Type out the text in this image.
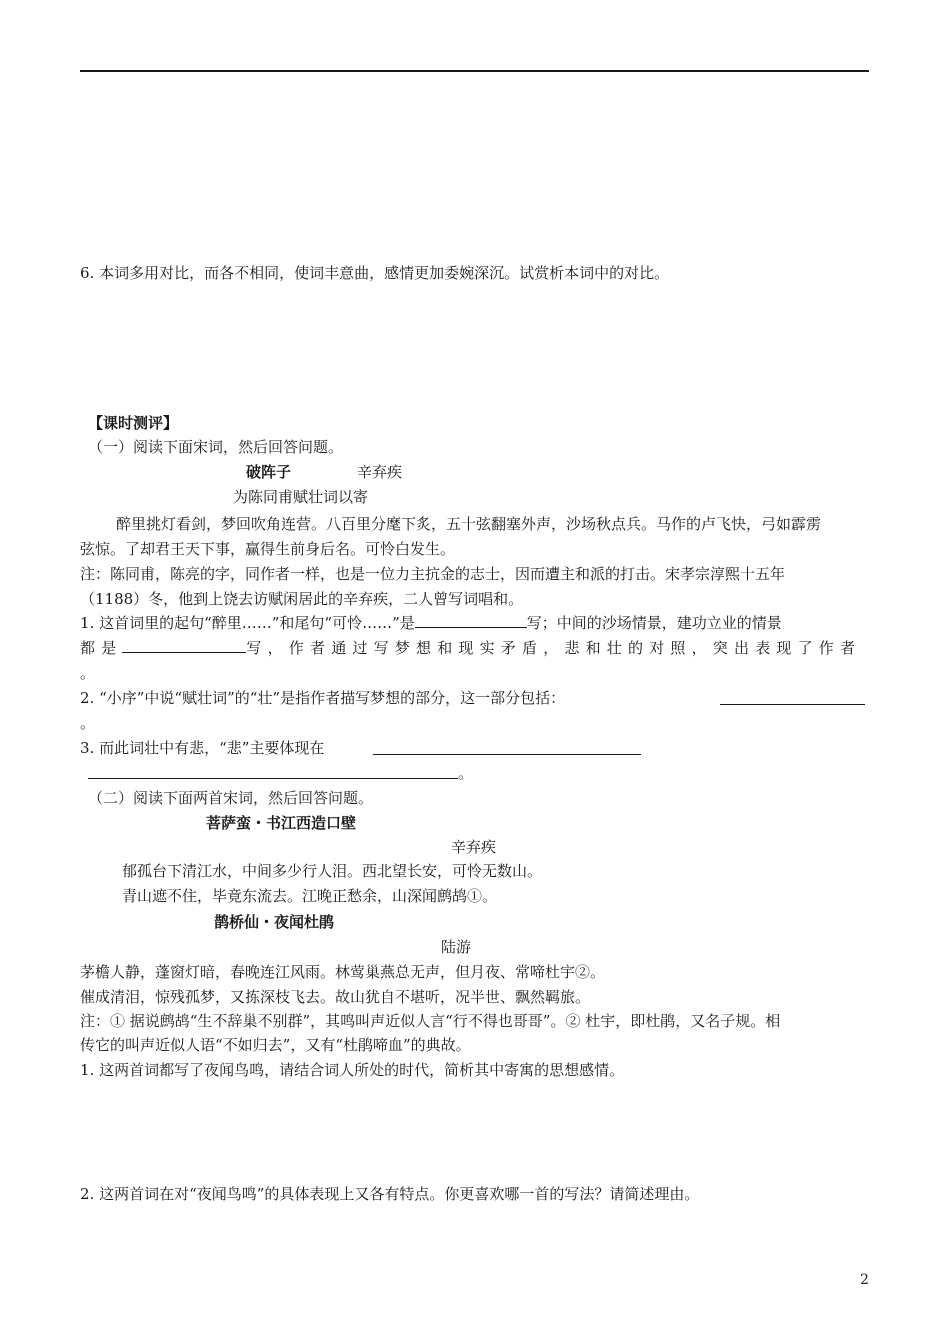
6. 本词多用对比，而各不相同，使词丰意曲，感情更加委婉深沉。试赏析本词中的对比。
【课时测评】
（一）阅读下面宋词，然后回答问题。
破阵子	辛弃疾
为陈同甫赋壮词以寄
醉里挑灯看剑，梦回吹角连营。八百里分麾下炙，五十弦翻塞外声，沙场秋点兵。马作的卢飞快，弓如霹雳
弦惊。了却君王天下事，赢得生前身后名。可怜白发生。
注：陈同甫，陈亮的字，同作者一样，也是一位力主抗金的志士，因而遭主和派的打击。宋孝宗淳熙十五年
（1188）冬，他到上饶去访赋闲居此的辛弃疾，二人曾写词唱和。
1. 这首词里的起句“醉里……”和尾句“可怜……”是	写；中间的沙场情景，建功立业的情景
都是	写，作者通过写梦想和现实矛盾，悲和壮的对照，突出表现了作者
。
2. “小序”中说“赋壮词”的“壮”是指作者描写梦想的部分，这一部分包括：
。
3. 而此词壮中有悲，“悲”主要体现在
。
（二）阅读下面两首宋词，然后回答问题。
菩萨蛮・书江西造口壁
辛弃疾
郁孤台下清江水，中间多少行人泪。西北望长安，可怜无数山。
青山遮不住，毕竟东流去。江晚正愁余，山深闻鹧鸪①。
鹊桥仙・夜闻杜鹃
陆游
茅檐人静，蓬窗灯暗，春晚连江风雨。林莺巢燕总无声，但月夜、常啼杜宇②。
催成清泪，惊残孤梦，又拣深枝飞去。故山犹自不堪听，况半世、飘然羁旅。
注：① 据说鹧鸪“生不辞巢不别群”，其鸣叫声近似人言“行不得也哥哥”。② 杜宇，即杜鹃，又名子规。相
传它的叫声近似人语“不如归去”，又有“杜鹃啼血”的典故。
1. 这两首词都写了夜闻鸟鸣，请结合词人所处的时代，简析其中寄寓的思想感情。
2. 这两首词在对“夜闻鸟鸣”的具体表现上又各有特点。你更喜欢哪一首的写法？请简述理由。
2
